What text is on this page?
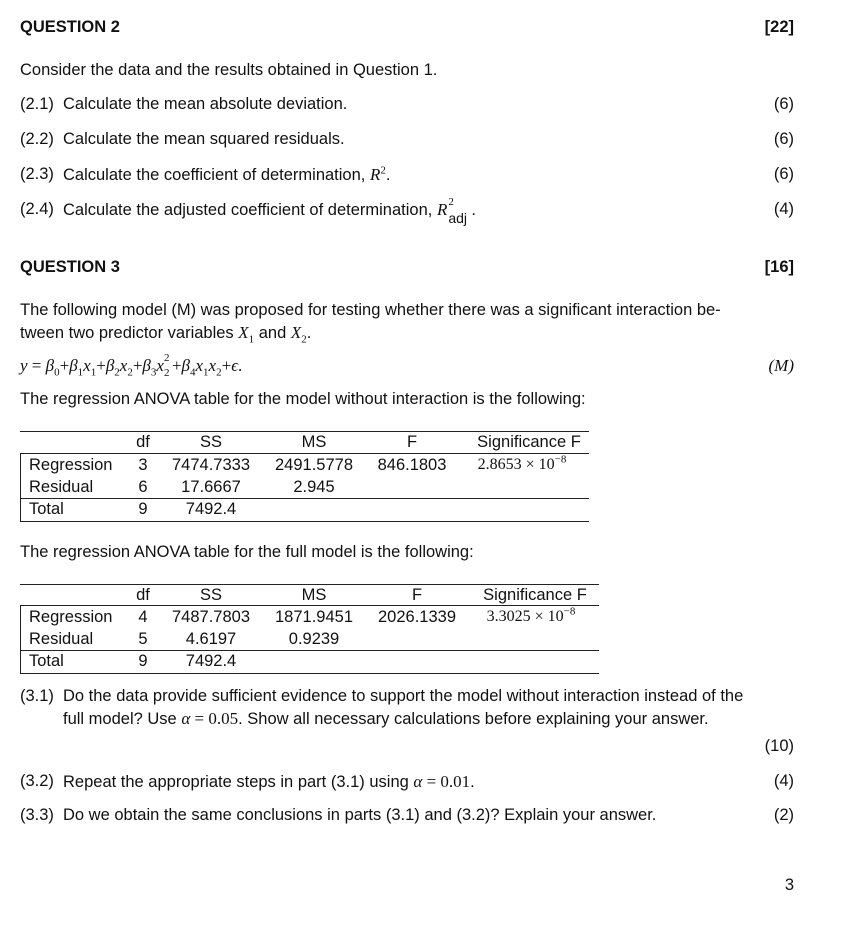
QUESTION 2	[22]
Consider the data and the results obtained in Question 1.
(2.1) Calculate the mean absolute deviation.	(6)
(2.2) Calculate the mean squared residuals.	(6)
(2.3) Calculate the coefficient of determination, $R^2$.	(6)
(2.4) Calculate the adjusted coefficient of determination, R 2
adj .	(4)
QUESTION 3	[16]
The following model (M) was proposed for testing whether there was a significant interaction be-
tween two predictor variables $X_1$ and $X_2$.
$y = \beta_0+\beta_1x_1+\beta_2x_2+\beta_3x$ 2
$2 +\beta_4x_1x_2+\epsilon$.	(M)
The regression ANOVA table for the model without interaction is the following:
df	SS	MS	F	Significance F
Regression 3 7474.7333 2491.5778 846.1803 $2.8653 \times 10^{-8}$
Residual	6 17.6667	2.945
Total	9 7492.4
The regression ANOVA table for the full model is the following:
df	SS	MS	F	Significance F
Regression 4 7487.7803 1871.9451 2026.1339 $3.3025 \times 10^{-8}$
Residual	5 4.6197	0.9239
Total	9 7492.4
(3.1) Do the data provide sufficient evidence to support the model without interaction instead of the
full model? Use α = 0.05. Show all necessary calculations before explaining your answer.
(10)
(3.2) Repeat the appropriate steps in part (3.1) using α = 0.01.	(4)
(3.3) Do we obtain the same conclusions in parts (3.1) and (3.2)? Explain your answer.	(2)
3
